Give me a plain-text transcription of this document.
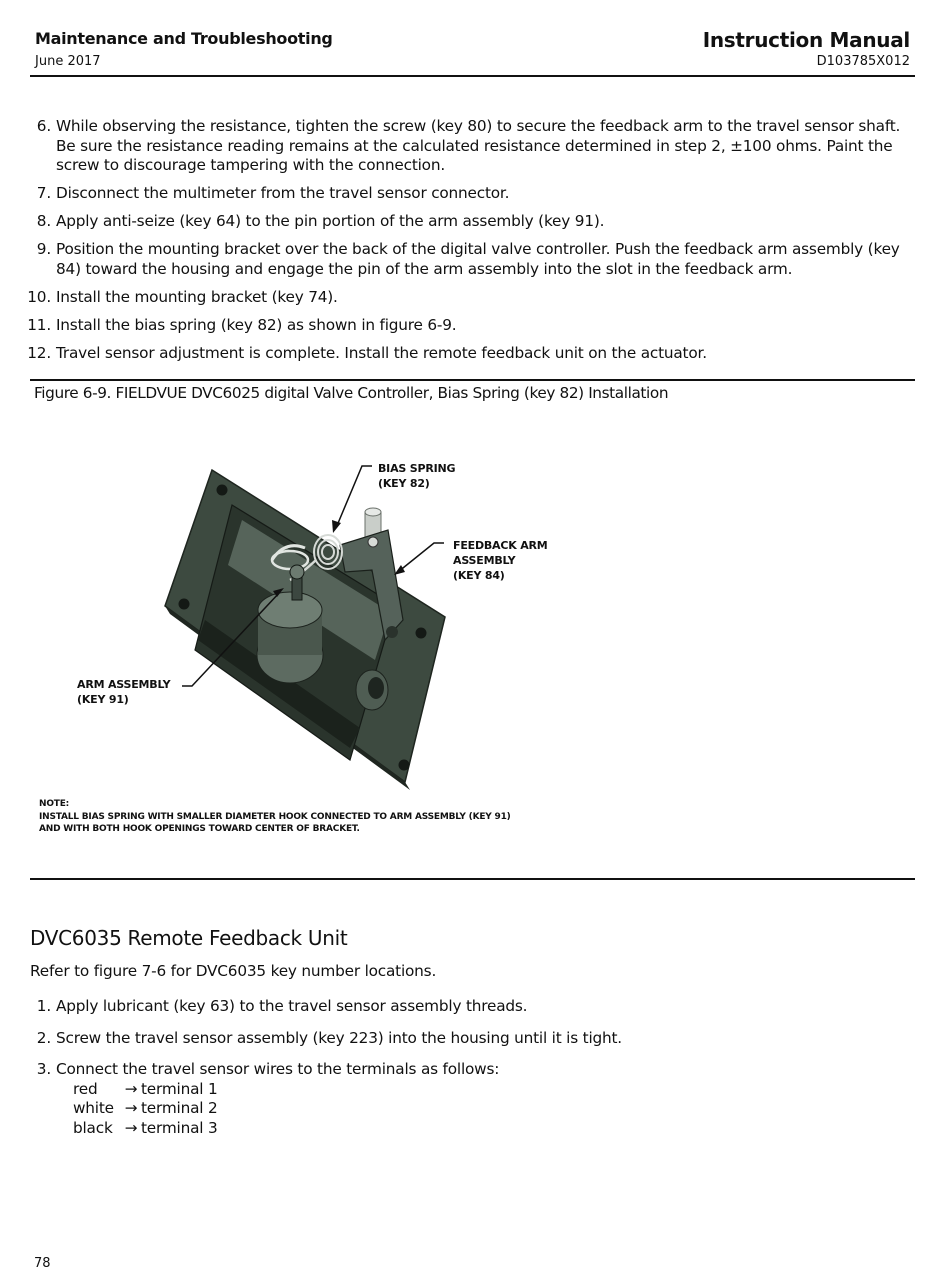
Maintenance and Troubleshooting
June 2017
Instruction Manual
D103785X012
6. While observing the resistance, tighten the screw (key 80) to secure the feedback arm to the travel sensor shaft. Be sure the resistance reading remains at the calculated resistance determined in step 2, ±100 ohms. Paint the screw to discourage tampering with the connection.
7. Disconnect the multimeter from the travel sensor connector.
8. Apply anti-seize (key 64) to the pin portion of the arm assembly (key 91).
9. Position the mounting bracket over the back of the digital valve controller. Push the feedback arm assembly (key 84) toward the housing and engage the pin of the arm assembly into the slot in the feedback arm.
10. Install the mounting bracket (key 74).
11. Install the bias spring (key 82) as shown in figure 6-9.
12. Travel sensor adjustment is complete. Install the remote feedback unit on the actuator.
Figure 6-9. FIELDVUE DVC6025 digital Valve Controller, Bias Spring (key 82) Installation
BIAS SPRING
(KEY 82)
FEEDBACK ARM
ASSEMBLY
(KEY 84)
ARM ASSEMBLY
(KEY 91)
NOTE:
INSTALL BIAS SPRING WITH SMALLER DIAMETER HOOK CONNECTED TO ARM ASSEMBLY (KEY 91)
AND WITH BOTH HOOK OPENINGS TOWARD CENTER OF BRACKET.
DVC6035 Remote Feedback Unit
Refer to figure 7-6 for DVC6035 key number locations.
1. Apply lubricant (key 63) to the travel sensor assembly threads.
2. Screw the travel sensor assembly (key 223) into the housing until it is tight.
3. Connect the travel sensor wires to the terminals as follows:
red	→ terminal 1
white → terminal 2
black → terminal 3
78
